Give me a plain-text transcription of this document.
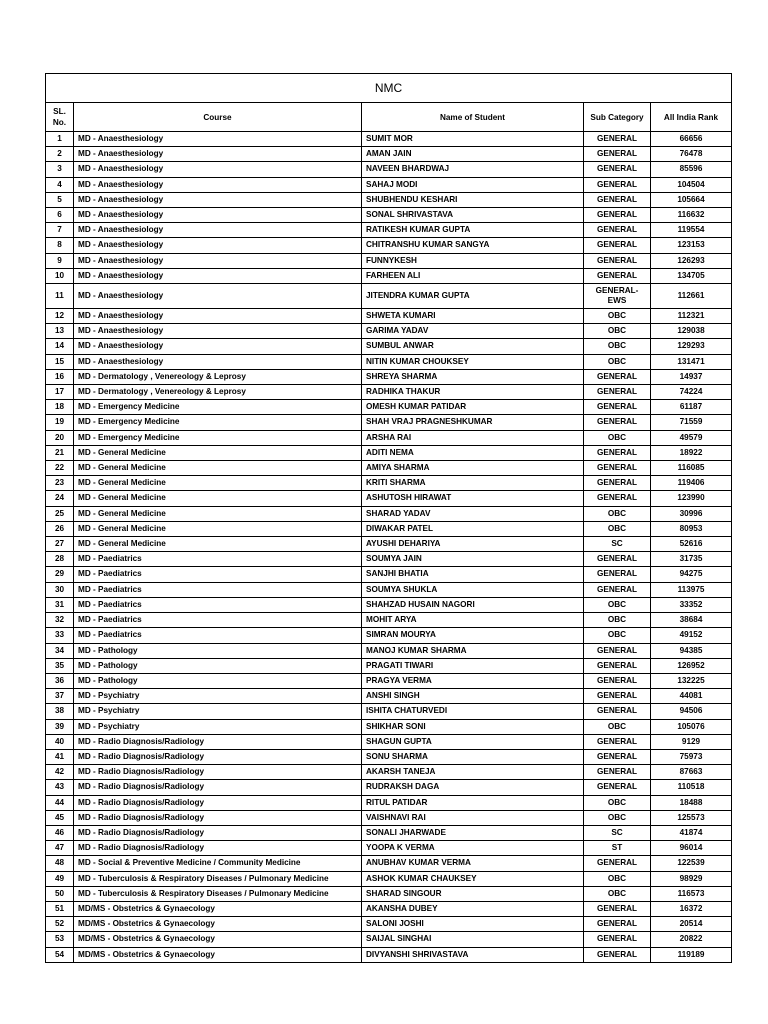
NMC				
SL. No.	Course	Name of Student	Sub Category	All India Rank
1	MD - Anaesthesiology	SUMIT MOR	GENERAL	66656
2	MD - Anaesthesiology	AMAN JAIN	GENERAL	76478
3	MD - Anaesthesiology	NAVEEN BHARDWAJ	GENERAL	85596
4	MD - Anaesthesiology	SAHAJ MODI	GENERAL	104504
5	MD - Anaesthesiology	SHUBHENDU KESHARI	GENERAL	105664
6	MD - Anaesthesiology	SONAL SHRIVASTAVA	GENERAL	116632
7	MD - Anaesthesiology	RATIKESH KUMAR GUPTA	GENERAL	119554
8	MD - Anaesthesiology	CHITRANSHU KUMAR SANGYA	GENERAL	123153
9	MD - Anaesthesiology	FUNNYKESH	GENERAL	126293
10	MD - Anaesthesiology	FARHEEN ALI	GENERAL	134705
11	MD - Anaesthesiology	JITENDRA KUMAR GUPTA	GENERAL-EWS	112661
12	MD - Anaesthesiology	SHWETA KUMARI	OBC	112321
13	MD - Anaesthesiology	GARIMA YADAV	OBC	129038
14	MD - Anaesthesiology	SUMBUL ANWAR	OBC	129293
15	MD - Anaesthesiology	NITIN KUMAR CHOUKSEY	OBC	131471
16	MD - Dermatology , Venereology & Leprosy	SHREYA SHARMA	GENERAL	14937
17	MD - Dermatology , Venereology & Leprosy	RADHIKA THAKUR	GENERAL	74224
18	MD - Emergency Medicine	OMESH KUMAR PATIDAR	GENERAL	61187
19	MD - Emergency Medicine	SHAH VRAJ PRAGNESHKUMAR	GENERAL	71559
20	MD - Emergency Medicine	ARSHA RAI	OBC	49579
21	MD - General Medicine	ADITI NEMA	GENERAL	18922
22	MD - General Medicine	AMIYA SHARMA	GENERAL	116085
23	MD - General Medicine	KRITI SHARMA	GENERAL	119406
24	MD - General Medicine	ASHUTOSH HIRAWAT	GENERAL	123990
25	MD - General Medicine	SHARAD YADAV	OBC	30996
26	MD - General Medicine	DIWAKAR PATEL	OBC	80953
27	MD - General Medicine	AYUSHI DEHARIYA	SC	52616
28	MD - Paediatrics	SOUMYA JAIN	GENERAL	31735
29	MD - Paediatrics	SANJHI BHATIA	GENERAL	94275
30	MD - Paediatrics	SOUMYA SHUKLA	GENERAL	113975
31	MD - Paediatrics	SHAHZAD HUSAIN NAGORI	OBC	33352
32	MD - Paediatrics	MOHIT ARYA	OBC	38684
33	MD - Paediatrics	SIMRAN MOURYA	OBC	49152
34	MD - Pathology	MANOJ KUMAR SHARMA	GENERAL	94385
35	MD - Pathology	PRAGATI TIWARI	GENERAL	126952
36	MD - Pathology	PRAGYA VERMA	GENERAL	132225
37	MD - Psychiatry	ANSHI SINGH	GENERAL	44081
38	MD - Psychiatry	ISHITA CHATURVEDI	GENERAL	94506
39	MD - Psychiatry	SHIKHAR SONI	OBC	105076
40	MD - Radio Diagnosis/Radiology	SHAGUN GUPTA	GENERAL	9129
41	MD - Radio Diagnosis/Radiology	SONU SHARMA	GENERAL	75973
42	MD - Radio Diagnosis/Radiology	AKARSH TANEJA	GENERAL	87663
43	MD - Radio Diagnosis/Radiology	RUDRAKSH DAGA	GENERAL	110518
44	MD - Radio Diagnosis/Radiology	RITUL PATIDAR	OBC	18488
45	MD - Radio Diagnosis/Radiology	VAISHNAVI RAI	OBC	125573
46	MD - Radio Diagnosis/Radiology	SONALI JHARWADE	SC	41874
47	MD - Radio Diagnosis/Radiology	YOOPA K VERMA	ST	96014
48	MD - Social & Preventive Medicine / Community Medicine	ANUBHAV KUMAR VERMA	GENERAL	122539
49	MD - Tuberculosis & Respiratory Diseases / Pulmonary Medicine	ASHOK KUMAR CHAUKSEY	OBC	98929
50	MD - Tuberculosis & Respiratory Diseases / Pulmonary Medicine	SHARAD SINGOUR	OBC	116573
51	MD/MS - Obstetrics & Gynaecology	AKANSHA DUBEY	GENERAL	16372
52	MD/MS - Obstetrics & Gynaecology	SALONI JOSHI	GENERAL	20514
53	MD/MS - Obstetrics & Gynaecology	SAIJAL SINGHAI	GENERAL	20822
54	MD/MS - Obstetrics & Gynaecology	DIVYANSHI SHRIVASTAVA	GENERAL	119189
